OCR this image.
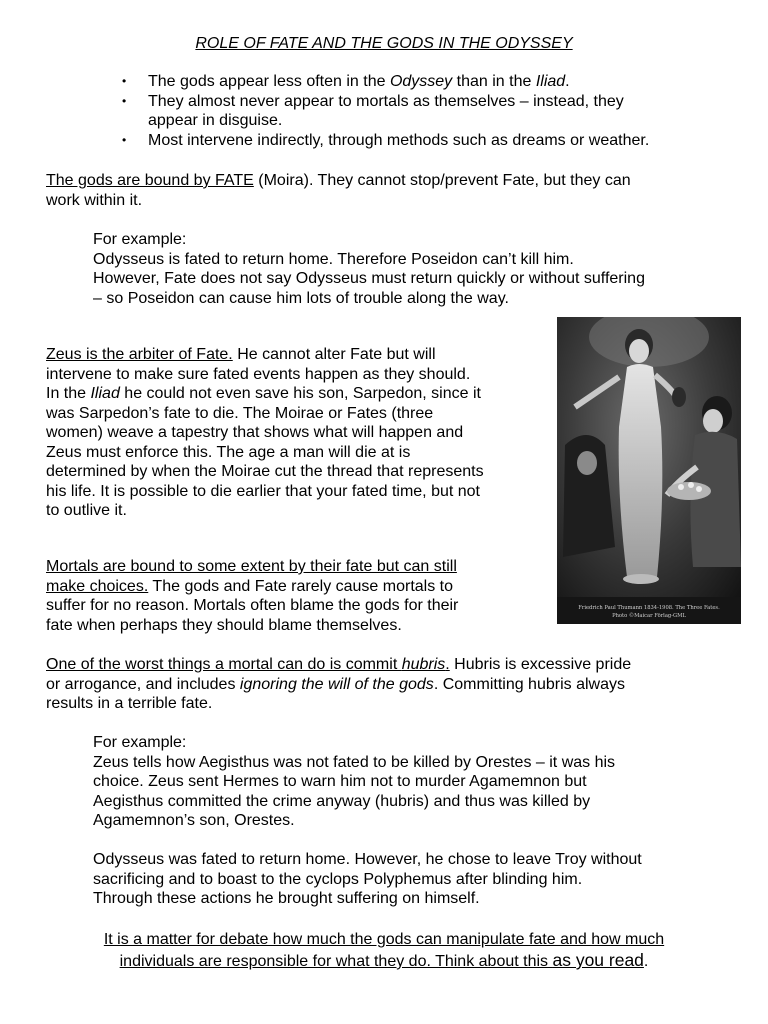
ROLE OF FATE AND THE GODS IN THE ODYSSEY
• The gods appear less often in the Odyssey than in the Iliad.
• They almost never appear to mortals as themselves – instead, they
appear in disguise.
• Most intervene indirectly, through methods such as dreams or weather.
The gods are bound by FATE (Moira). They cannot stop/prevent Fate, but they can
work within it.
For example:
Odysseus is fated to return home. Therefore Poseidon can’t kill him.
However, Fate does not say Odysseus must return quickly or without suffering
– so Poseidon can cause him lots of trouble along the way.
Zeus is the arbiter of Fate. He cannot alter Fate but will
intervene to make sure fated events happen as they should.
In the Iliad he could not even save his son, Sarpedon, since it
was Sarpedon’s fate to die. The Moirae or Fates (three
women) weave a tapestry that shows what will happen and
Zeus must enforce this. The age a man will die at is
determined by when the Moirae cut the thread that represents
his life. It is possible to die earlier that your fated time, but not
to outlive it.
Friedrich Paul Thumann 1834-1908. The Three Fates.
Photo ©Maicar Förlag-GML
Mortals are bound to some extent by their fate but can still
make choices. The gods and Fate rarely cause mortals to
suffer for no reason. Mortals often blame the gods for their
fate when perhaps they should blame themselves.
One of the worst things a mortal can do is commit hubris. Hubris is excessive pride
or arrogance, and includes ignoring the will of the gods. Committing hubris always
results in a terrible fate.
For example:
Zeus tells how Aegisthus was not fated to be killed by Orestes – it was his
choice. Zeus sent Hermes to warn him not to murder Agamemnon but
Aegisthus committed the crime anyway (hubris) and thus was killed by
Agamemnon’s son, Orestes.
Odysseus was fated to return home. However, he chose to leave Troy without
sacrificing and to boast to the cyclops Polyphemus after blinding him.
Through these actions he brought suffering on himself.
It is a matter for debate how much the gods can manipulate fate and how much
individuals are responsible for what they do. Think about this as you read.
